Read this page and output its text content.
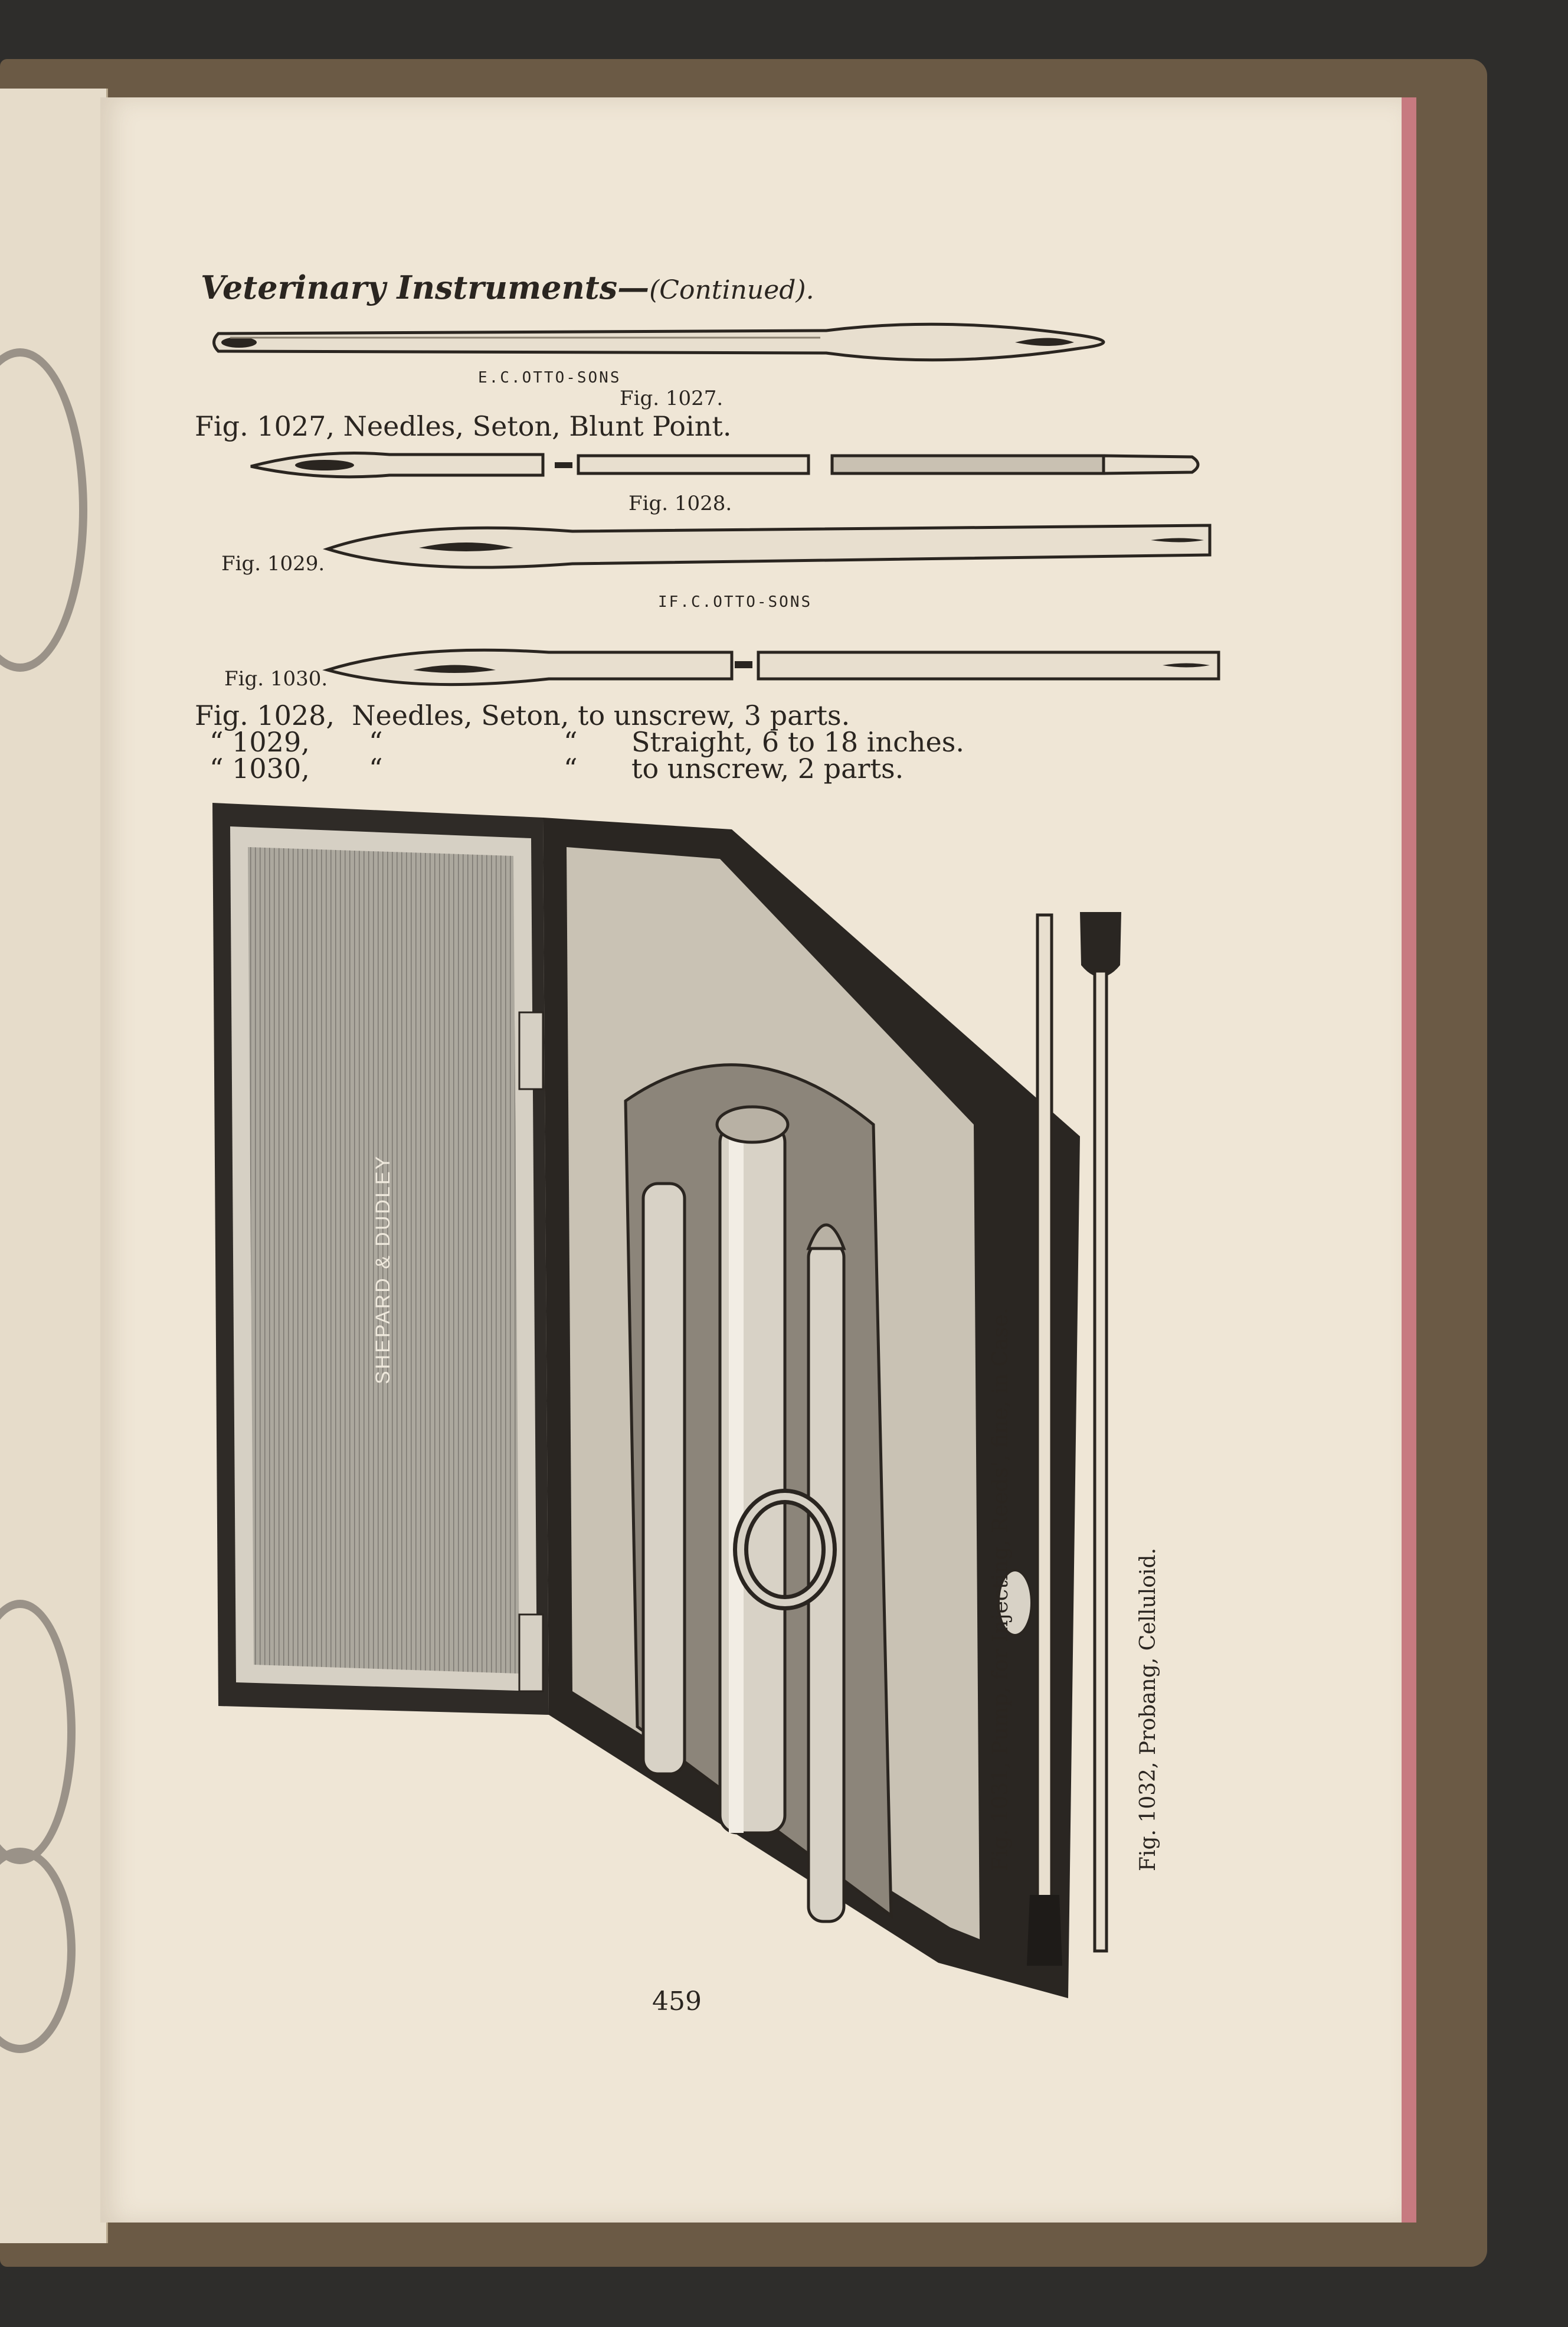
Veterinary Instruments—(Continued).
E.C.OTTO-SONS
Fig. 1027.
Fig. 1027, Needles, Seton, Blunt Point.
Fig. 1028.
Fig. 1029.
IF.C.OTTO-SONS
Fig. 1030.
Fig. 1028, Needles, Seton, to unscrew, 3 parts.
“ 1029, “	“ Straight, 6 to 18 inches.
“ 1030, “	“ to unscrew, 2 parts.
SHEPARD & DUDLEY
Fig. 1031, Pump, for Injecting, Reeds', fine, in Case.	Fig. 1032, Probang, Celluloid.
459
